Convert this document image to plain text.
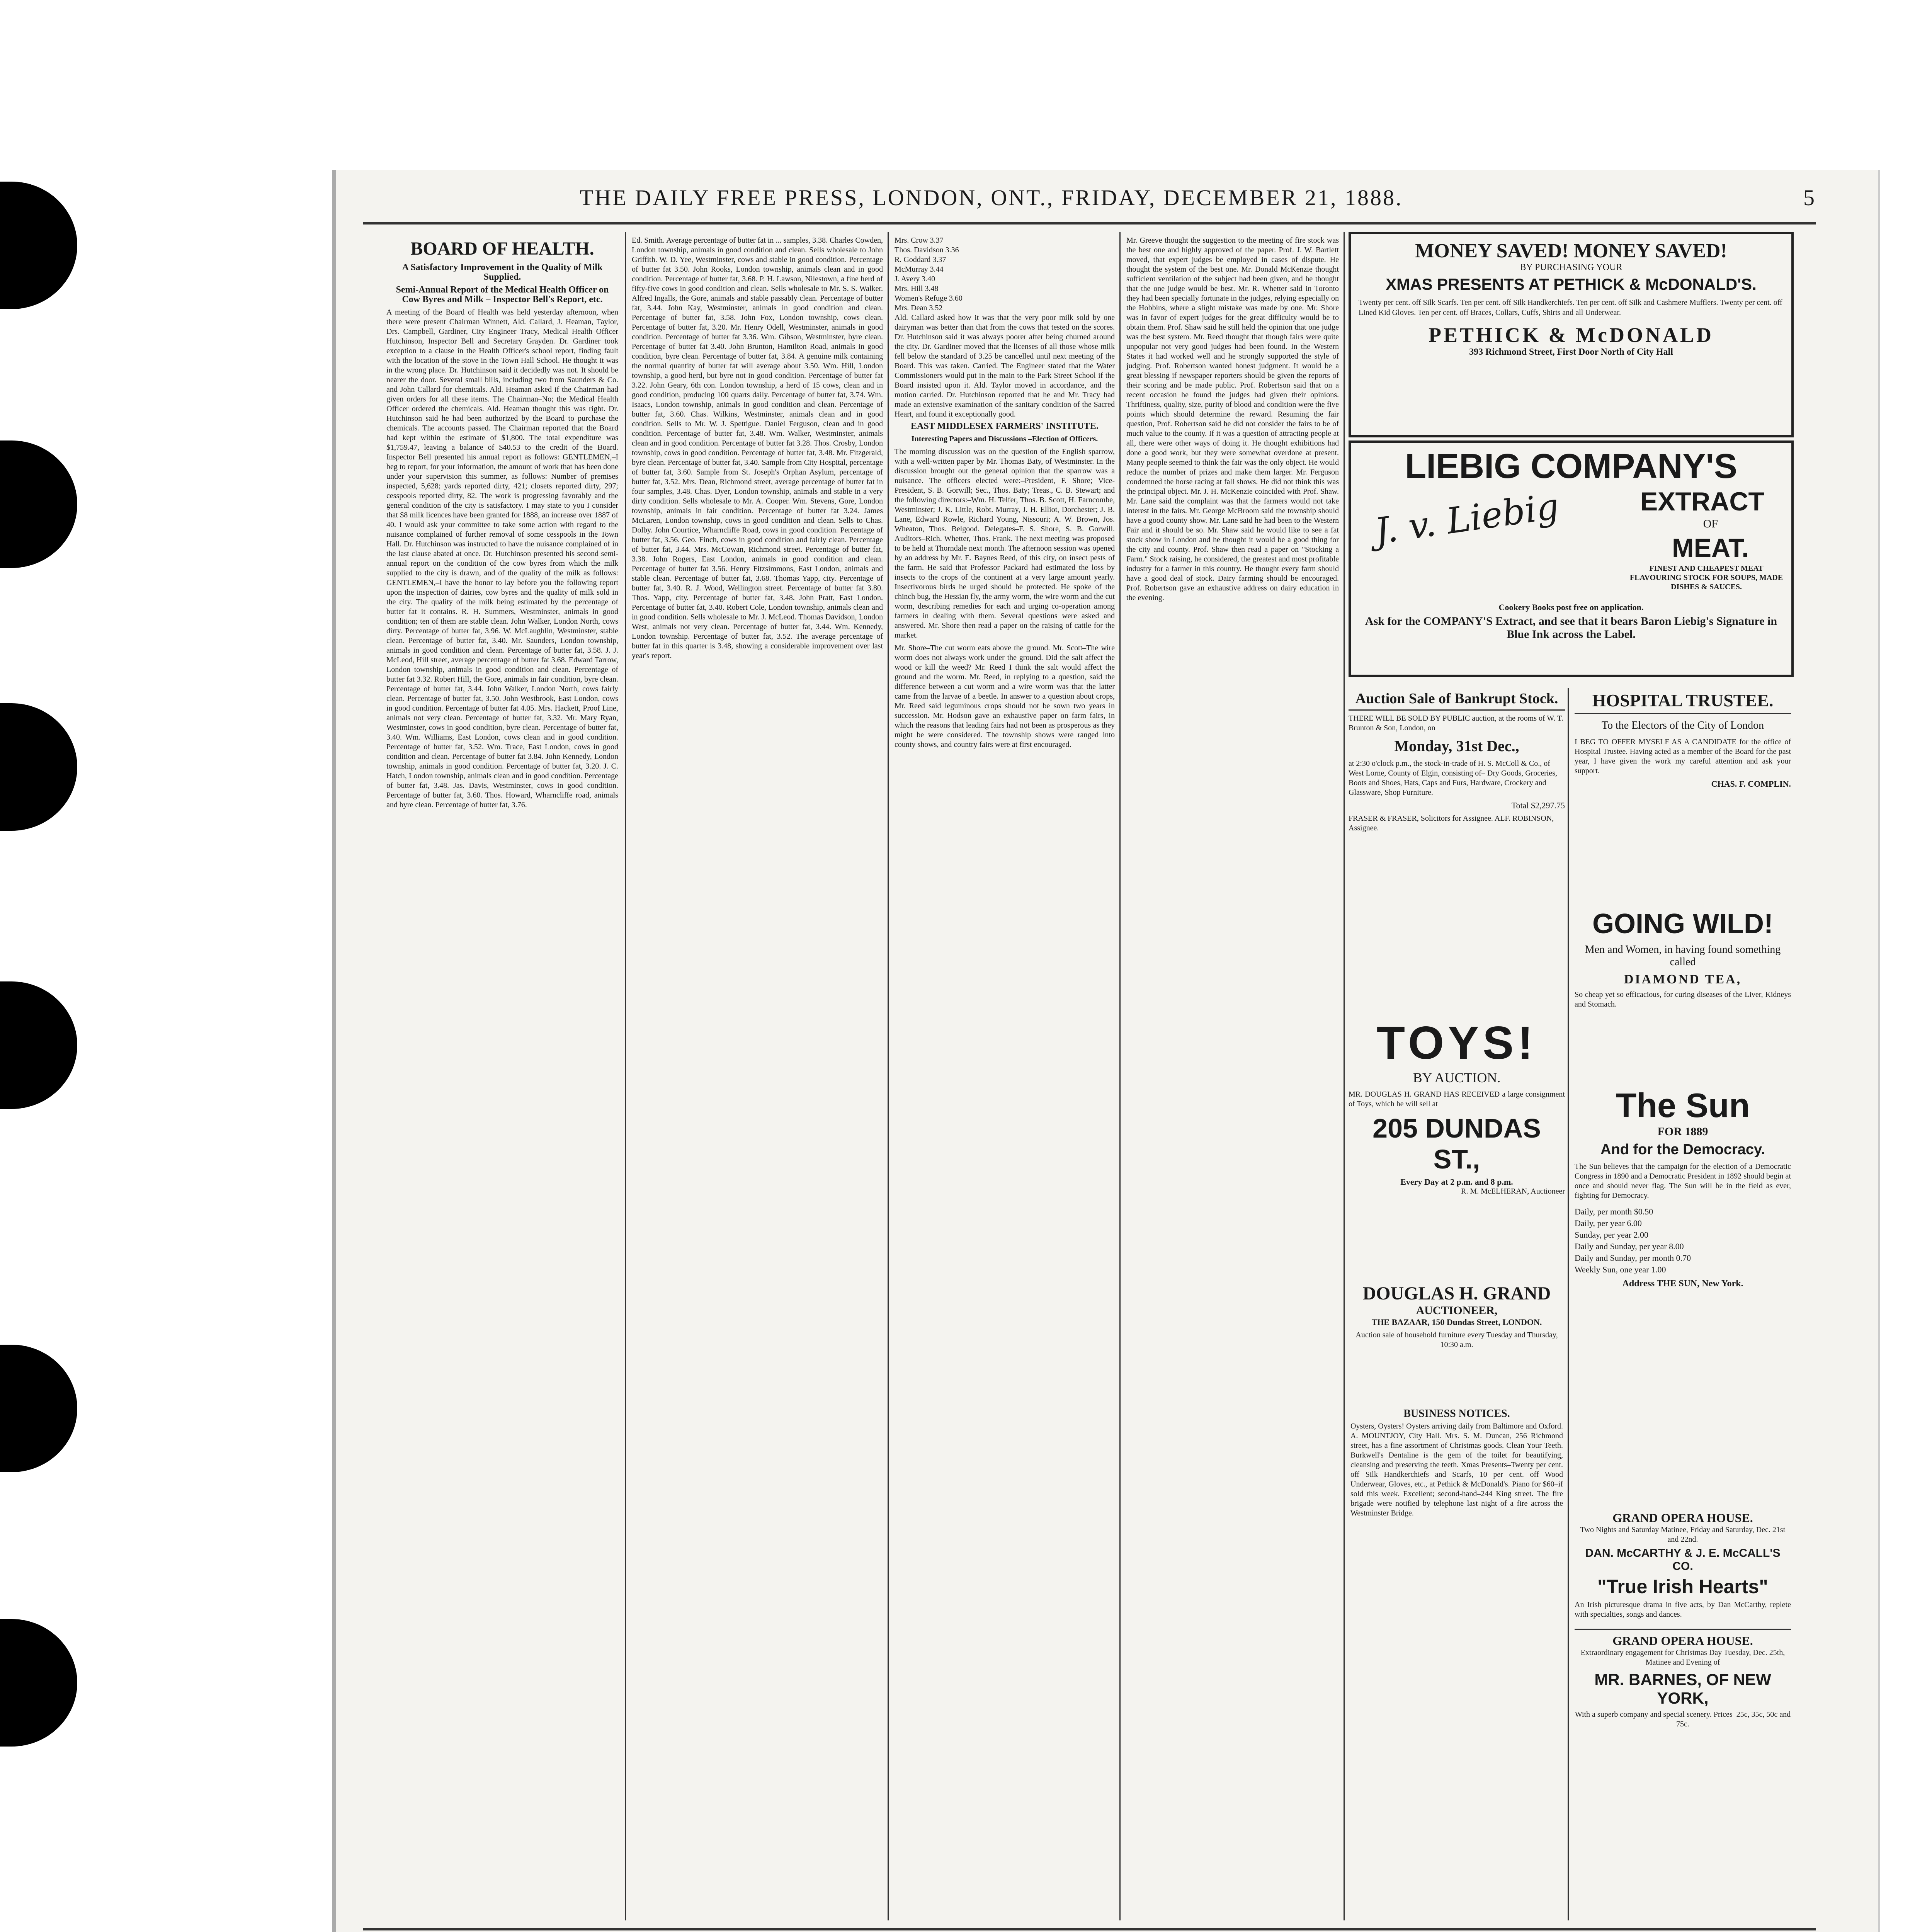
THE DAILY FREE PRESS, LONDON, ONT., FRIDAY, DECEMBER 21, 1888.	5
BOARD OF HEALTH.
A Satisfactory Improvement in the Quality of Milk Supplied.
Semi-Annual Report of the Medical Health Officer on Cow Byres and Milk – Inspector Bell's Report, etc.
A meeting of the Board of Health was held yesterday afternoon, when there were present Chairman Winnett, Ald. Callard, J. Heaman, Taylor, Drs. Campbell, Gardiner, City Engineer Tracy, Medical Health Officer Hutchinson, Inspector Bell and Secretary Grayden. Dr. Gardiner took exception to a clause in the Health Officer's school report, finding fault with the location of the stove in the Town Hall School. He thought it was in the wrong place. Dr. Hutchinson said it decidedly was not. It should be nearer the door. Several small bills, including two from Saunders & Co. and John Callard for chemicals. Ald. Heaman asked if the Chairman had given orders for all these items. The Chairman–No; the Medical Health Officer ordered the chemicals. Ald. Heaman thought this was right. Dr. Hutchinson said he had been authorized by the Board to purchase the chemicals. The accounts passed. The Chairman reported that the Board had kept within the estimate of $1,800. The total expenditure was $1,759.47, leaving a balance of $40.53 to the credit of the Board. Inspector Bell presented his annual report as follows: GENTLEMEN,–I beg to report, for your information, the amount of work that has been done under your supervision this summer, as follows:–Number of premises inspected, 5,628; yards reported dirty, 421; closets reported dirty, 297; cesspools reported dirty, 82. The work is progressing favorably and the general condition of the city is satisfactory. I may state to you I consider that $8 milk licences have been granted for 1888, an increase over 1887 of 40. I would ask your committee to take some action with regard to the nuisance complained of further removal of some cesspools in the Town Hall. Dr. Hutchinson was instructed to have the nuisance complained of in the last clause abated at once. Dr. Hutchinson presented his second semi-annual report on the condition of the cow byres from which the milk supplied to the city is drawn, and of the quality of the milk as follows: GENTLEMEN,–I have the honor to lay before you the following report upon the inspection of dairies, cow byres and the quality of milk sold in the city. The quality of the milk being estimated by the percentage of butter fat it contains. R. H. Summers, Westminster, animals in good condition; ten of them are stable clean. John Walker, London North, cows dirty. Percentage of butter fat, 3.96. W. McLaughlin, Westminster, stable clean. Percentage of butter fat, 3.40. Mr. Saunders, London township, animals in good condition and clean. Percentage of butter fat, 3.58. J. J. McLeod, Hill street, average percentage of butter fat 3.68. Edward Tarrow, London township, animals in good condition and clean. Percentage of butter fat 3.32. Robert Hill, the Gore, animals in fair condition, byre clean. Percentage of butter fat, 3.44. John Walker, London North, cows fairly clean. Percentage of butter fat, 3.50. John Westbrook, East London, cows in good condition. Percentage of butter fat 4.05. Mrs. Hackett, Proof Line, animals not very clean. Percentage of butter fat, 3.32. Mr. Mary Ryan, Westminster, cows in good condition, byre clean. Percentage of butter fat, 3.40. Wm. Williams, East London, cows clean and in good condition. Percentage of butter fat, 3.52. Wm. Trace, East London, cows in good condition and clean. Percentage of butter fat 3.84. John Kennedy, London township, animals in good condition. Percentage of butter fat, 3.20. J. C. Hatch, London township, animals clean and in good condition. Percentage of butter fat, 3.48. Jas. Davis, Westminster, cows in good condition. Percentage of butter fat, 3.60. Thos. Howard, Wharncliffe road, animals and byre clean. Percentage of butter fat, 3.76.
Ed. Smith. Average percentage of butter fat in ... samples, 3.38. Charles Cowden, London township, animals in good condition and clean. Sells wholesale to John Griffith. W. D. Yee, Westminster, cows and stable in good condition. Percentage of butter fat 3.50. John Rooks, London township, animals clean and in good condition. Percentage of butter fat, 3.68. P. H. Lawson, Nilestown, a fine herd of fifty-five cows in good condition and clean. Sells wholesale to Mr. S. S. Walker. Alfred Ingalls, the Gore, animals and stable passably clean. Percentage of butter fat, 3.44. John Kay, Westminster, animals in good condition and clean. Percentage of butter fat, 3.58. John Fox, London township, cows clean. Percentage of butter fat, 3.20. Mr. Henry Odell, Westminster, animals in good condition. Percentage of butter fat 3.36. Wm. Gibson, Westminster, byre clean. Percentage of butter fat 3.40. John Brunton, Hamilton Road, animals in good condition, byre clean. Percentage of butter fat, 3.84. A genuine milk containing the normal quantity of butter fat will average about 3.50. Wm. Hill, London township, a good herd, but byre not in good condition. Percentage of butter fat 3.22. John Geary, 6th con. London township, a herd of 15 cows, clean and in good condition, producing 100 quarts daily. Percentage of butter fat, 3.74. Wm. Isaacs, London township, animals in good condition and clean. Percentage of butter fat, 3.60. Chas. Wilkins, Westminster, animals clean and in good condition. Sells to Mr. W. J. Spettigue. Daniel Ferguson, clean and in good condition. Percentage of butter fat, 3.48. Wm. Walker, Westminster, animals clean and in good condition. Percentage of butter fat 3.28. Thos. Crosby, London township, cows in good condition. Percentage of butter fat, 3.48. Mr. Fitzgerald, byre clean. Percentage of butter fat, 3.40. Sample from City Hospital, percentage of butter fat, 3.60. Sample from St. Joseph's Orphan Asylum, percentage of butter fat, 3.52. Mrs. Dean, Richmond street, average percentage of butter fat in four samples, 3.48. Chas. Dyer, London township, animals and stable in a very dirty condition. Sells wholesale to Mr. A. Cooper. Wm. Stevens, Gore, London township, animals in fair condition. Percentage of butter fat 3.24. James McLaren, London township, cows in good condition and clean. Sells to Chas. Dolby. John Courtice, Wharncliffe Road, cows in good condition. Percentage of butter fat, 3.56. Geo. Finch, cows in good condition and fairly clean. Percentage of butter fat, 3.44. Mrs. McCowan, Richmond street. Percentage of butter fat, 3.38. John Rogers, East London, animals in good condition and clean. Percentage of butter fat 3.56. Henry Fitzsimmons, East London, animals and stable clean. Percentage of butter fat, 3.68. Thomas Yapp, city. Percentage of butter fat, 3.40. R. J. Wood, Wellington street. Percentage of butter fat 3.80. Thos. Yapp, city. Percentage of butter fat, 3.48. John Pratt, East London. Percentage of butter fat, 3.40. Robert Cole, London township, animals clean and in good condition. Sells wholesale to Mr. J. McLeod. Thomas Davidson, London West, animals not very clean. Percentage of butter fat, 3.44. Wm. Kennedy, London township. Percentage of butter fat, 3.52. The average percentage of butter fat in this quarter is 3.48, showing a considerable improvement over last year's report.
Mrs. Crow 3.37
Thos. Davidson 3.36
R. Goddard 3.37
McMurray 3.44
J. Avery 3.40
Mrs. Hill 3.48
Women's Refuge 3.60
Mrs. Dean 3.52
Ald. Callard asked how it was that the very poor milk sold by one dairyman was better than that from the cows that tested on the scores. Dr. Hutchinson said it was always poorer after being churned around the city. Dr. Gardiner moved that the licenses of all those whose milk fell below the standard of 3.25 be cancelled until next meeting of the Board. This was taken. Carried. The Engineer stated that the Water Commissioners would put in the main to the Park Street School if the Board insisted upon it. Ald. Taylor moved in accordance, and the motion carried. Dr. Hutchinson reported that he and Mr. Tracy had made an extensive examination of the sanitary condition of the Sacred Heart, and found it exceptionally good.
EAST MIDDLESEX FARMERS' INSTITUTE.
Interesting Papers and Discussions –Election of Officers.
The morning discussion was on the question of the English sparrow, with a well-written paper by Mr. Thomas Baty, of Westminster. In the discussion brought out the general opinion that the sparrow was a nuisance. The officers elected were:–President, F. Shore; Vice-President, S. B. Gorwill; Sec., Thos. Baty; Treas., C. B. Stewart; and the following directors:–Wm. H. Telfer, Thos. B. Scott, H. Farncombe, Westminster; J. K. Little, Robt. Murray, J. H. Elliot, Dorchester; J. B. Lane, Edward Rowle, Richard Young, Nissouri; A. W. Brown, Jos. Wheaton, Thos. Belgood. Delegates–F. S. Shore, S. B. Gorwill. Auditors–Rich. Whetter, Thos. Frank. The next meeting was proposed to be held at Thorndale next month. The afternoon session was opened by an address by Mr. E. Baynes Reed, of this city, on insect pests of the farm. He said that Professor Packard had estimated the loss by insects to the crops of the continent at a very large amount yearly. Insectivorous birds he urged should be protected. He spoke of the chinch bug, the Hessian fly, the army worm, the wire worm and the cut worm, describing remedies for each and urging co-operation among farmers in dealing with them. Several questions were asked and answered. Mr. Shore then read a paper on the raising of cattle for the market.
Mr. Shore–The cut worm eats above the ground. Mr. Scott–The wire worm does not always work under the ground. Did the salt affect the wood or kill the weed? Mr. Reed–I think the salt would affect the ground and the worm. Mr. Reed, in replying to a question, said the difference between a cut worm and a wire worm was that the latter came from the larvae of a beetle. In answer to a question about crops, Mr. Reed said leguminous crops should not be sown two years in succession. Mr. Hodson gave an exhaustive paper on farm fairs, in which the reasons that leading fairs had not been as prosperous as they might be were considered. The township shows were ranged into county shows, and country fairs were at first encouraged.
Mr. Greeve thought the suggestion to the meeting of fire stock was the best one and highly approved of the paper. Prof. J. W. Bartlett moved, that expert judges be employed in cases of dispute. He thought the system of the best one. Mr. Donald McKenzie thought sufficient ventilation of the subject had been given, and he thought that the one judge would be best. Mr. R. Whetter said in Toronto they had been specially fortunate in the judges, relying especially on the Hobbins, where a slight mistake was made by one. Mr. Shore was in favor of expert judges for the great difficulty would be to obtain them. Prof. Shaw said he still held the opinion that one judge was the best system. Mr. Reed thought that though fairs were quite unpopular not very good judges had been found. In the Western States it had worked well and he strongly supported the style of judging. Prof. Robertson wanted honest judgment. It would be a great blessing if newspaper reporters should be given the reports of their scoring and be made public. Prof. Robertson said that on a recent occasion he found the judges had given their opinions. Thriftiness, quality, size, purity of blood and condition were the five points which should determine the reward. Resuming the fair question, Prof. Robertson said he did not consider the fairs to be of much value to the county. If it was a question of attracting people at all, there were other ways of doing it. He thought exhibitions had done a good work, but they were somewhat overdone at present. Many people seemed to think the fair was the only object. He would reduce the number of prizes and make them larger. Mr. Ferguson condemned the horse racing at fall shows. He did not think this was the principal object. Mr. J. H. McKenzie coincided with Prof. Shaw. Mr. Lane said the complaint was that the farmers would not take interest in the fairs. Mr. George McBroom said the township should have a good county show. Mr. Lane said he had been to the Western Fair and it should be so. Mr. Shaw said he would like to see a fat stock show in London and he thought it would be a good thing for the city and county. Prof. Shaw then read a paper on "Stocking a Farm." Stock raising, he considered, the greatest and most profitable industry for a farmer in this country. He thought every farm should have a good deal of stock. Dairy farming should be encouraged. Prof. Robertson gave an exhaustive address on dairy education in the evening.
MONEY SAVED! MONEY SAVED!
BY PURCHASING YOUR
XMAS PRESENTS AT PETHICK & McDONALD'S.
Twenty per cent. off Silk Scarfs. Ten per cent. off Silk Handkerchiefs. Ten per cent. off Silk and Cashmere Mufflers. Twenty per cent. off Lined Kid Gloves. Ten per cent. off Braces, Collars, Cuffs, Shirts and all Underwear.
PETHICK & McDONALD
393 Richmond Street, First Door North of City Hall
LIEBIG COMPANY'S
J. v. Liebig	EXTRACT
OF
MEAT.
FINEST AND CHEAPEST MEAT FLAVOURING STOCK FOR SOUPS, MADE DISHES & SAUCES.
Cookery Books post free on application.
Ask for the COMPANY'S Extract, and see that it bears Baron Liebig's Signature in Blue Ink across the Label.
Auction Sale of Bankrupt Stock.
THERE WILL BE SOLD BY PUBLIC auction, at the rooms of W. T. Brunton & Son, London, on
Monday, 31st Dec.,
at 2:30 o'clock p.m., the stock-in-trade of H. S. McColl & Co., of West Lorne, County of Elgin, consisting of– Dry Goods, Groceries, Boots and Shoes, Hats, Caps and Furs, Hardware, Crockery and Glassware, Shop Furniture.
Total $2,297.75
FRASER & FRASER, Solicitors for Assignee. ALF. ROBINSON, Assignee.
TOYS!
BY AUCTION.
MR. DOUGLAS H. GRAND HAS RECEIVED a large consignment of Toys, which he will sell at
205 DUNDAS ST.,
Every Day at 2 p.m. and 8 p.m.
R. M. McELHERAN, Auctioneer
DOUGLAS H. GRAND
AUCTIONEER,
THE BAZAAR, 150 Dundas Street, LONDON.
Auction sale of household furniture every Tuesday and Thursday, 10:30 a.m.
BUSINESS NOTICES.
Oysters, Oysters! Oysters arriving daily from Baltimore and Oxford. A. MOUNTJOY, City Hall. Mrs. S. M. Duncan, 256 Richmond street, has a fine assortment of Christmas goods. Clean Your Teeth. Burkwell's Dentaline is the gem of the toilet for beautifying, cleansing and preserving the teeth. Xmas Presents–Twenty per cent. off Silk Handkerchiefs and Scarfs, 10 per cent. off Wood Underwear, Gloves, etc., at Pethick & McDonald's. Piano for $60–if sold this week. Excellent; second-hand–244 King street. The fire brigade were notified by telephone last night of a fire across the Westminster Bridge.
HOSPITAL TRUSTEE.
To the Electors of the City of London
I BEG TO OFFER MYSELF AS A CANDIDATE for the office of Hospital Trustee. Having acted as a member of the Board for the past year, I have given the work my careful attention and ask your support.
CHAS. F. COMPLIN.
GOING WILD!
Men and Women, in having found something called
DIAMOND TEA,
So cheap yet so efficacious, for curing diseases of the Liver, Kidneys and Stomach.
The Sun
FOR 1889
And for the Democracy.
The Sun believes that the campaign for the election of a Democratic Congress in 1890 and a Democratic President in 1892 should begin at once and should never flag. The Sun will be in the field as ever, fighting for Democracy.
Daily, per month $0.50
Daily, per year 6.00
Sunday, per year 2.00
Daily and Sunday, per year 8.00
Daily and Sunday, per month 0.70
Weekly Sun, one year 1.00
Address THE SUN, New York.
GRAND OPERA HOUSE.
Two Nights and Saturday Matinee, Friday and Saturday, Dec. 21st and 22nd.
DAN. McCARTHY & J. E. McCALL'S CO.
"True Irish Hearts"
An Irish picturesque drama in five acts, by Dan McCarthy, replete with specialties, songs and dances.
GRAND OPERA HOUSE.
Extraordinary engagement for Christmas Day Tuesday, Dec. 25th, Matinee and Evening of
MR. BARNES, OF NEW YORK,
With a superb company and special scenery. Prices–25c, 35c, 50c and 75c.
